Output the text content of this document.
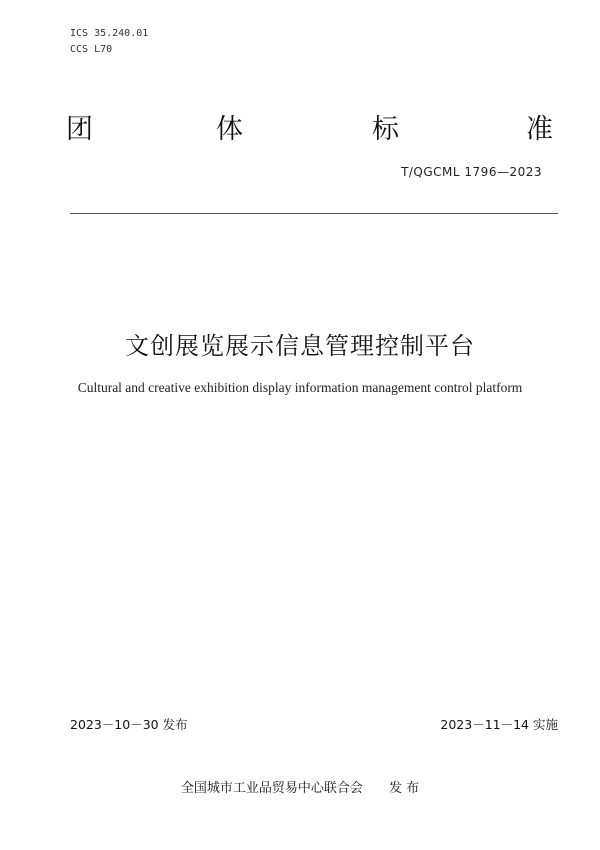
ICS 35.240.01
CCS L70
团	体	标	准
T/QGCML 1796—2023
文创展览展示信息管理控制平台
Cultural and creative exhibition display information management control platform
2023－10－30 发布	2023－11－14 实施
全国城市工业品贸易中心联合会 发 布
